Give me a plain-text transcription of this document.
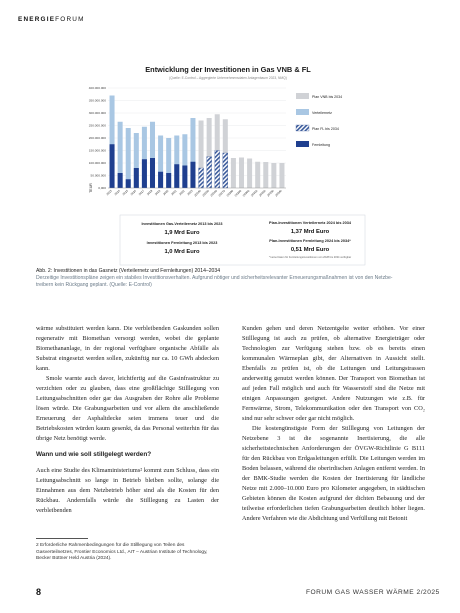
ENERGIEFORUM
Entwicklung der Investitionen in Gas VNB & FL
(Quelle: E-Control – Aggregierte Unternehmensdaten Anlagenbaum 2023, NMQ)
TEUR 0,000
50.000.000
100.000.000
150.000.000
200.000.000
250.000.000
300.000.000
350.000.000
400.000.000
2013 2014 2015 2016 2017 2018 2019 2020 2021 2022 2023 2024b 2025b 2026b 2027b 2028b 2029b 2030b 2031b 2032b 2033b 2034b
Plan VNB bis 2034
Verteilernetz
Plan FL bis 2034
Fernleitung
Investitionen Gas-Verteilernetz 2013 bis 2023
1,9 Mrd Euro
Investitionen Fernleitung 2013 bis 2023
1,0 Mrd Euro
Plan-Investitionen Verteilernetz 2024 bis 2034
1,37 Mrd Euro
Plan-Investitionen Fernleitung 2024 bis 2034*
0,51 Mrd Euro
* keine Daten für Fernleitungsinvestitionen von 2028 bis 2034 verfügbar
Abb. 2: Investitionen in das Gasnetz (Verteilernetz und Fernleitungen) 2014–2034
Derzeitige Investitionspläne zeigen ein stabiles Investitionsverhalten. Aufgrund nötiger und sicherheitsrelevanter Erneuerungsmaßnahmen ist von den Netzbe-
treibern kein Rückgang geplant. (Quelle: E-Control)

wärme substituiert werden kann. Die verbleibenden Gaskunden sollen regenerativ mit Biomethan versorgt werden, wobei die geplante Biomethananlage, in der regional verfügbare organische Abfälle als Substrat eingesetzt werden sollen, zukünftig nur ca. 10 GWh abdecken kann.

Smole warnte auch davor, leichtfertig auf die Gasinfrastruktur zu verzichten oder zu glauben, dass eine großflächige Stilllegung von Leitungsabschnitten oder gar das Ausgraben der Rohre alle Probleme lösen würde. Die Grabungsarbeiten und vor allem die anschließende Erneuerung der Asphaltdecke seien immens teuer und die Betriebskosten würden kaum gesenkt, da das Personal weiterhin für das übrige Netz benötigt werde.

Wann und wie soll stillgelegt werden?

Auch eine Studie des Klimaministeriums² kommt zum Schluss, dass ein Leitungsabschnitt so lange in Betrieb bleiben sollte, solange die Einnahmen aus dem Netzbetrieb höher sind als die Kosten für den Rückbau. Andernfalls würde die Stilllegung zu Lasten der verbleibenden

Kunden gehen und deren Netzentgelte weiter erhöhen. Vor einer Stilllegung ist auch zu prüfen, ob alternative Energieträger oder Technologien zur Verfügung stehen bzw. ob es bereits einen kommunalen Wärmeplan gibt, der Alternativen in Aussicht stellt. Ebenfalls zu prüfen ist, ob die Leitungen und Leitungstrassen anderweitig genutzt werden können. Der Transport von Biomethan ist auf jeden Fall möglich und auch für Wasserstoff sind die Netze mit einigen Anpassungen geeignet. Andere Nutzungen wie z.B. für Fernwärme, Strom, Telekommunikation oder den Transport von CO₂ sind nur sehr schwer oder gar nicht möglich.

Die kostengünstigste Form der Stilllegung von Leitungen der Netzebene 3 ist die sogenannte Inertisierung, die alle sicherheitstechnischen Anforderungen der ÖVGW-Richtlinie G B111 für den Rückbau von Erdgasleitungen erfüllt. Die Leitungen werden im Boden belassen, während die oberirdischen Anlagen entfernt werden. In der BMK-Studie werden die Kosten der Inertisierung für ländliche Netze mit 2.000–10.000 Euro pro Kilometer angegeben, in städtischen Gebieten können die Kosten aufgrund der dichten Bebauung und der teilweise erforderlichen tiefen Grabungsarbeiten deutlich höher liegen. Andere Verfahren wie die Abdichtung und Verfüllung mit Betonit

2 Erforderliche Rahmenbedingungen für die Stilllegung von Teilen des Gasverteilnetzes, Frontier Economics Ltd., AIT – Austrian Institute of Technology, Becker Büttner Held Austria (2024).
8	FORUM GAS WASSER WÄRME 2/2025
